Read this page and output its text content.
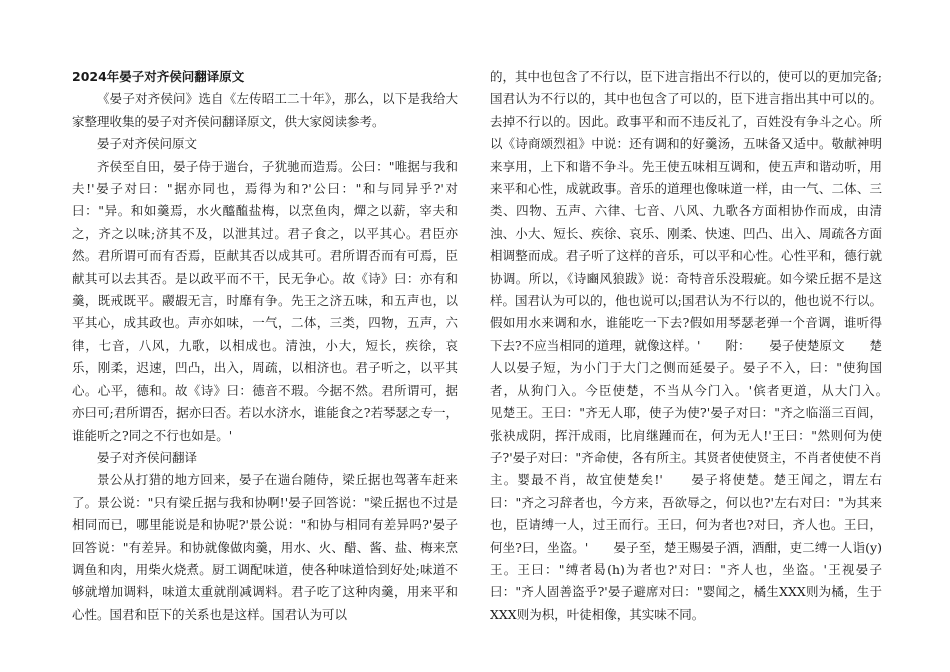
2024年晏子对齐侯问翻译原文

《晏子对齐侯问》选自《左传昭工二十年》，那么，以下是我给大家整理收集的晏子对齐侯问翻译原文，供大家阅读参考。

晏子对齐侯问原文

齐侯至自田，晏子侍于遄台，子犹驰而造焉。公曰："唯据与我和夫!'晏子对曰："据亦同也，焉得为和?'公曰："和与同异乎?'对曰："异。和如羹焉，水火醯醢盐梅，以烹鱼肉，燀之以薪，宰夫和之，齐之以味;济其不及，以泄其过。君子食之，以平其心。君臣亦然。君所谓可而有否焉，臣献其否以成其可。君所谓否而有可焉，臣献其可以去其否。是以政平而不干，民无争心。故《诗》曰：亦有和羹，既戒既平。鬷嘏无言，时靡有争。先王之济五味，和五声也，以平其心，成其政也。声亦如味，一气，二体，三类，四物，五声，六律，七音，八风，九歌，以相成也。清浊，小大，短长，疾徐，哀乐，刚柔，迟速，凹凸，出入，周疏，以相济也。君子听之，以平其心。心平，德和。故《诗》曰：德音不瑕。今据不然。君所谓可，据亦曰可;君所谓否，据亦曰否。若以水济水，谁能食之?若琴瑟之专一，谁能听之?同之不行也如是。'

晏子对齐侯问翻译

景公从打猎的地方回来，晏子在遄台随侍，梁丘据也驾著车赶来了。景公说："只有梁丘据与我和协啊!'晏子回答说："梁丘据也不过是相同而已，哪里能说是和协呢?'景公说："和协与相同有差异吗?'晏子回答说："有差异。和协就像做肉羹，用水、火、醋、酱、盐、梅来烹调鱼和肉，用柴火烧煮。厨工调配味道，使各种味道恰到好处;味道不够就增加调料，味道太重就削减调料。君子吃了这种肉羹，用来平和心性。国君和臣下的关系也是这样。国君认为可以

的，其中也包含了不行以，臣下进言指出不行以的，使可以的更加完备;国君认为不行以的，其中也包含了可以的，臣下进言指出其中可以的。去掉不行以的。因此。政事平和而不违反礼了，百姓没有争斗之心。所以《诗商颂烈祖》中说：还有调和的好羹汤，五味备又适中。敬献神明来享用，上下和谐不争斗。先王使五味相互调和，使五声和谐动听，用来平和心性，成就政事。音乐的道理也像味道一样，由一气、二体、三类、四物、五声、六律、七音、八风、九歌各方面相协作而成，由清浊、小大、短长、疾徐、哀乐、刚柔、快速、凹凸、出入、周疏各方面相调整而成。君子听了这样的音乐，可以平和心性。心性平和，德行就协调。所以，《诗豳风狼跋》说：奇特音乐没瑕疵。如今梁丘据不是这样。国君认为可以的，他也说可以;国君认为不行以的，他也说不行以。假如用水来调和水，谁能吃一下去?假如用琴瑟老弹一个音调，谁听得下去?不应当相同的道理，就像这样。'　　附：　　晏子使楚原文　　楚人以晏子短，为小门于大门之侧而延晏子。晏子不入，曰："使狗国者，从狗门入。今臣使楚，不当从今门入。'傧者更道，从大门入。　　见楚王。王曰："齐无人耶，使子为使?'晏子对曰："齐之临淄三百闾，张袂成阴，挥汗成雨，比肩继踵而在，何为无人!'王曰："然则何为使子?'晏子对曰："齐命使，各有所主。其贤者使使贤主，不肖者使使不肖主。婴最不肖，故宜使楚矣!'　　晏子将使楚。楚王闻之，谓左右曰："齐之习辞者也，今方来，吾欲辱之，何以也?'左右对曰："为其来也，臣请缚一人，过王而行。王曰，何为者也?对曰，齐人也。王曰，何坐?曰，坐盗。'　　晏子至，楚王赐晏子酒，酒酣，吏二缚一人诣(y)王。王曰："缚者曷(h)为者也?'对曰："齐人也，坐盗。'王视晏子曰："齐人固善盗乎?'晏子避席对曰："婴闻之，橘生XXX则为橘，生于XXX则为枳，叶徒相像，其实味不同。
